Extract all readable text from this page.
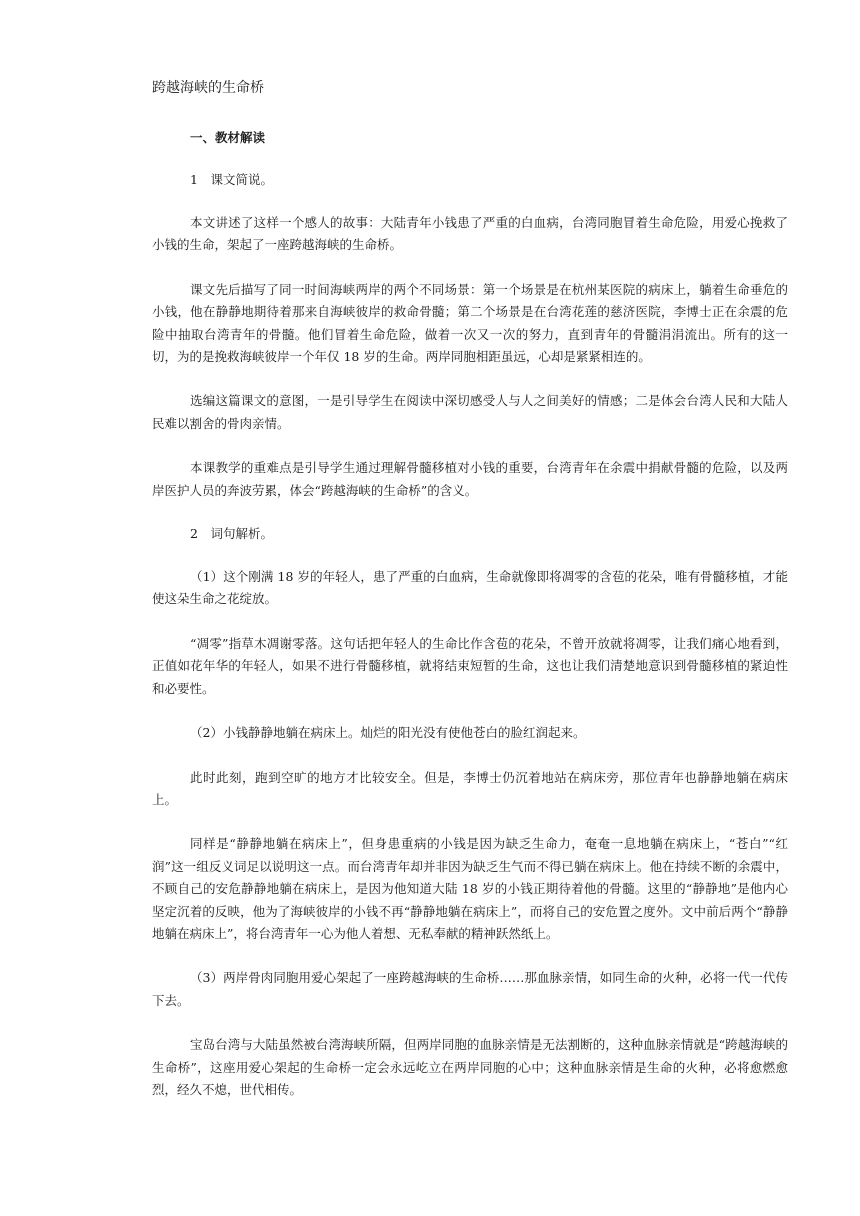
跨越海峡的生命桥
一、教材解读
1　课文简说。
本文讲述了这样一个感人的故事：大陆青年小钱患了严重的白血病，台湾同胞冒着生命危险，用爱心挽救了小钱的生命，架起了一座跨越海峡的生命桥。
课文先后描写了同一时间海峡两岸的两个不同场景：第一个场景是在杭州某医院的病床上，躺着生命垂危的小钱，他在静静地期待着那来自海峡彼岸的救命骨髓；第二个场景是在台湾花莲的慈济医院，李博士正在余震的危险中抽取台湾青年的骨髓。他们冒着生命危险，做着一次又一次的努力，直到青年的骨髓涓涓流出。所有的这一切，为的是挽救海峡彼岸一个年仅 18 岁的生命。两岸同胞相距虽远，心却是紧紧相连的。
选编这篇课文的意图，一是引导学生在阅读中深切感受人与人之间美好的情感；二是体会台湾人民和大陆人民难以割舍的骨肉亲情。
本课教学的重难点是引导学生通过理解骨髓移植对小钱的重要，台湾青年在余震中捐献骨髓的危险，以及两岸医护人员的奔波劳累，体会“跨越海峡的生命桥”的含义。
2　词句解析。
（1）这个刚满 18 岁的年轻人，患了严重的白血病，生命就像即将凋零的含苞的花朵，唯有骨髓移植，才能使这朵生命之花绽放。
“凋零”指草木凋谢零落。这句话把年轻人的生命比作含苞的花朵，不曾开放就将凋零，让我们痛心地看到，正值如花年华的年轻人，如果不进行骨髓移植，就将结束短暂的生命，这也让我们清楚地意识到骨髓移植的紧迫性和必要性。
（2）小钱静静地躺在病床上。灿烂的阳光没有使他苍白的脸红润起来。
此时此刻，跑到空旷的地方才比较安全。但是，李博士仍沉着地站在病床旁，那位青年也静静地躺在病床上。
同样是“静静地躺在病床上”，但身患重病的小钱是因为缺乏生命力，奄奄一息地躺在病床上，“苍白”“红润”这一组反义词足以说明这一点。而台湾青年却并非因为缺乏生气而不得已躺在病床上。他在持续不断的余震中，不顾自己的安危静静地躺在病床上，是因为他知道大陆 18 岁的小钱正期待着他的骨髓。这里的“静静地”是他内心坚定沉着的反映，他为了海峡彼岸的小钱不再“静静地躺在病床上”，而将自己的安危置之度外。文中前后两个“静静地躺在病床上”，将台湾青年一心为他人着想、无私奉献的精神跃然纸上。
（3）两岸骨肉同胞用爱心架起了一座跨越海峡的生命桥……那血脉亲情，如同生命的火种，必将一代一代传下去。
宝岛台湾与大陆虽然被台湾海峡所隔，但两岸同胞的血脉亲情是无法割断的，这种血脉亲情就是“跨越海峡的生命桥”，这座用爱心架起的生命桥一定会永远屹立在两岸同胞的心中；这种血脉亲情是生命的火种，必将愈燃愈烈，经久不熄，世代相传。
